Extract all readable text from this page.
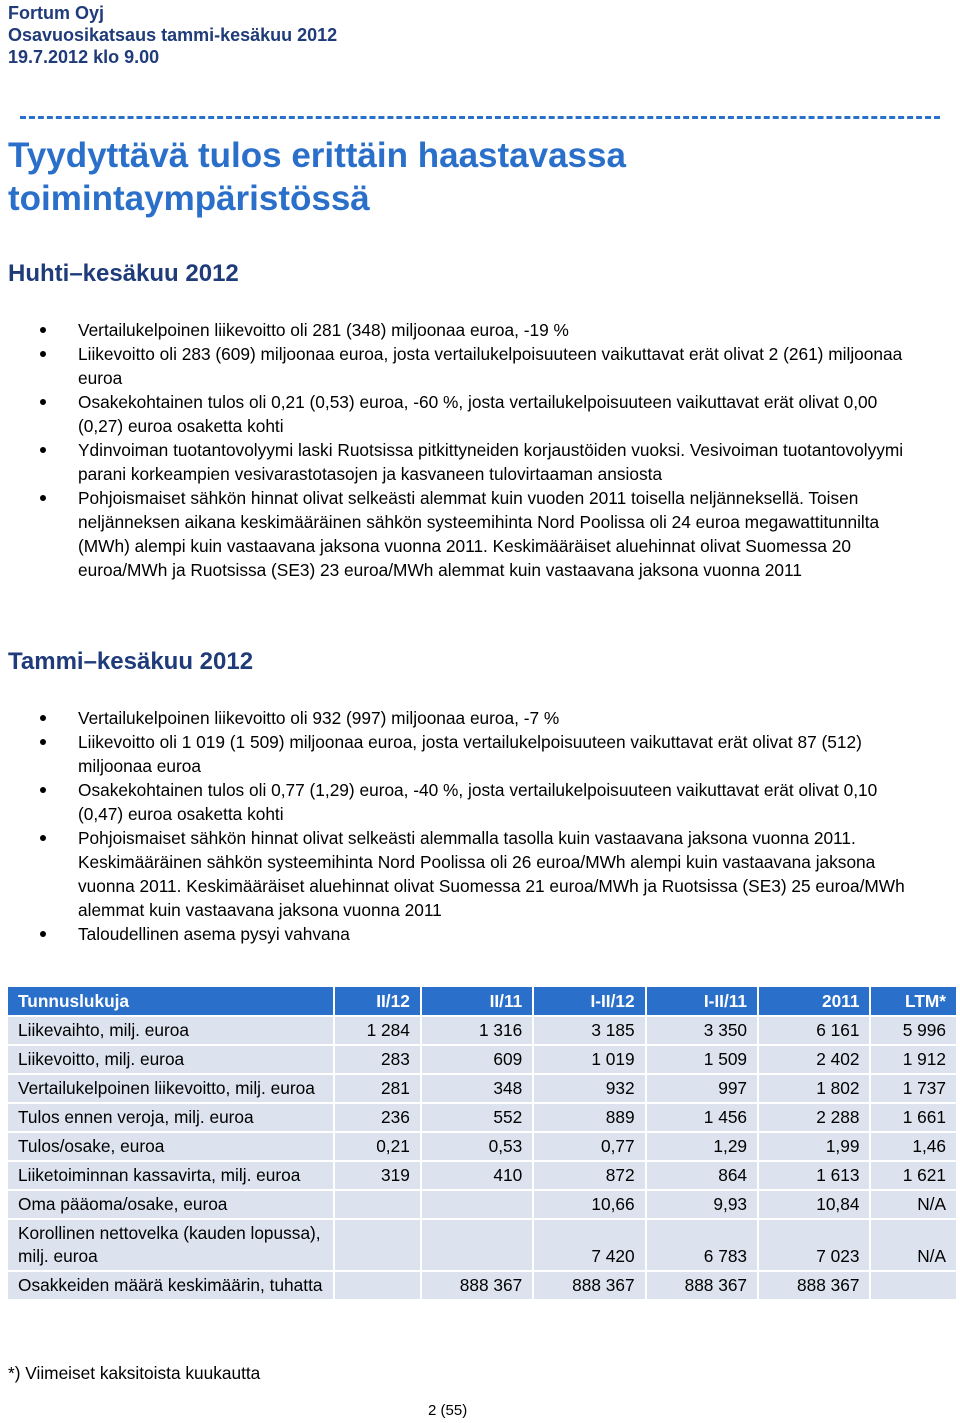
Fortum Oyj
Osavuosikatsaus tammi-kesäkuu 2012
19.7.2012 klo 9.00
Tyydyttävä tulos erittäin haastavassa
toimintaympäristössä
Huhti–kesäkuu 2012
Vertailukelpoinen liikevoitto oli 281 (348) miljoonaa euroa, -19 %
Liikevoitto oli 283 (609) miljoonaa euroa, josta vertailukelpoisuuteen vaikuttavat erät olivat 2 (261) miljoonaa euroa
Osakekohtainen tulos oli 0,21 (0,53) euroa, -60 %, josta vertailukelpoisuuteen vaikuttavat erät olivat 0,00 (0,27) euroa osaketta kohti
Ydinvoiman tuotantovolyymi laski Ruotsissa pitkittyneiden korjaustöiden vuoksi. Vesivoiman tuotantovolyymi parani korkeampien vesivarastotasojen ja kasvaneen tulovirtaaman ansiosta
Pohjoismaiset sähkön hinnat olivat selkeästi alemmat kuin vuoden 2011 toisella neljänneksellä. Toisen neljänneksen aikana keskimääräinen sähkön systeemihinta Nord Poolissa oli 24 euroa megawattitunnilta (MWh) alempi kuin vastaavana jaksona vuonna 2011. Keskimääräiset aluehinnat olivat Suomessa 20 euroa/MWh ja Ruotsissa (SE3) 23 euroa/MWh alemmat kuin vastaavana jaksona vuonna 2011
Tammi–kesäkuu 2012
Vertailukelpoinen liikevoitto oli 932 (997) miljoonaa euroa, -7 %
Liikevoitto oli 1 019 (1 509) miljoonaa euroa, josta vertailukelpoisuuteen vaikuttavat erät olivat 87 (512) miljoonaa euroa
Osakekohtainen tulos oli 0,77 (1,29) euroa, -40 %, josta vertailukelpoisuuteen vaikuttavat erät olivat 0,10 (0,47) euroa osaketta kohti
Pohjoismaiset sähkön hinnat olivat selkeästi alemmalla tasolla kuin vastaavana jaksona vuonna 2011. Keskimääräinen sähkön systeemihinta Nord Poolissa oli 26 euroa/MWh alempi kuin vastaavana jaksona vuonna 2011. Keskimääräiset aluehinnat olivat Suomessa 21 euroa/MWh ja Ruotsissa (SE3) 25 euroa/MWh alemmat kuin vastaavana jaksona vuonna 2011
Taloudellinen asema pysyi vahvana
Tunnuslukuja	II/12	II/11	I-II/12	I-II/11	2011	LTM*
Liikevaihto, milj. euroa	1 284	1 316	3 185	3 350	6 161	5 996
Liikevoitto, milj. euroa	283	609	1 019	1 509	2 402	1 912
Vertailukelpoinen liikevoitto, milj. euroa	281	348	932	997	1 802	1 737
Tulos ennen veroja, milj. euroa	236	552	889	1 456	2 288	1 661
Tulos/osake, euroa	0,21	0,53	0,77	1,29	1,99	1,46
Liiketoiminnan kassavirta, milj. euroa	319	410	872	864	1 613	1 621
Oma pääoma/osake, euroa			10,66	9,93	10,84	N/A
Korollinen nettovelka (kauden lopussa), milj. euroa			7 420	6 783	7 023	N/A
Osakkeiden määrä keskimäärin, tuhatta		888 367	888 367	888 367	888 367	
*) Viimeiset kaksitoista kuukautta
2 (55)
